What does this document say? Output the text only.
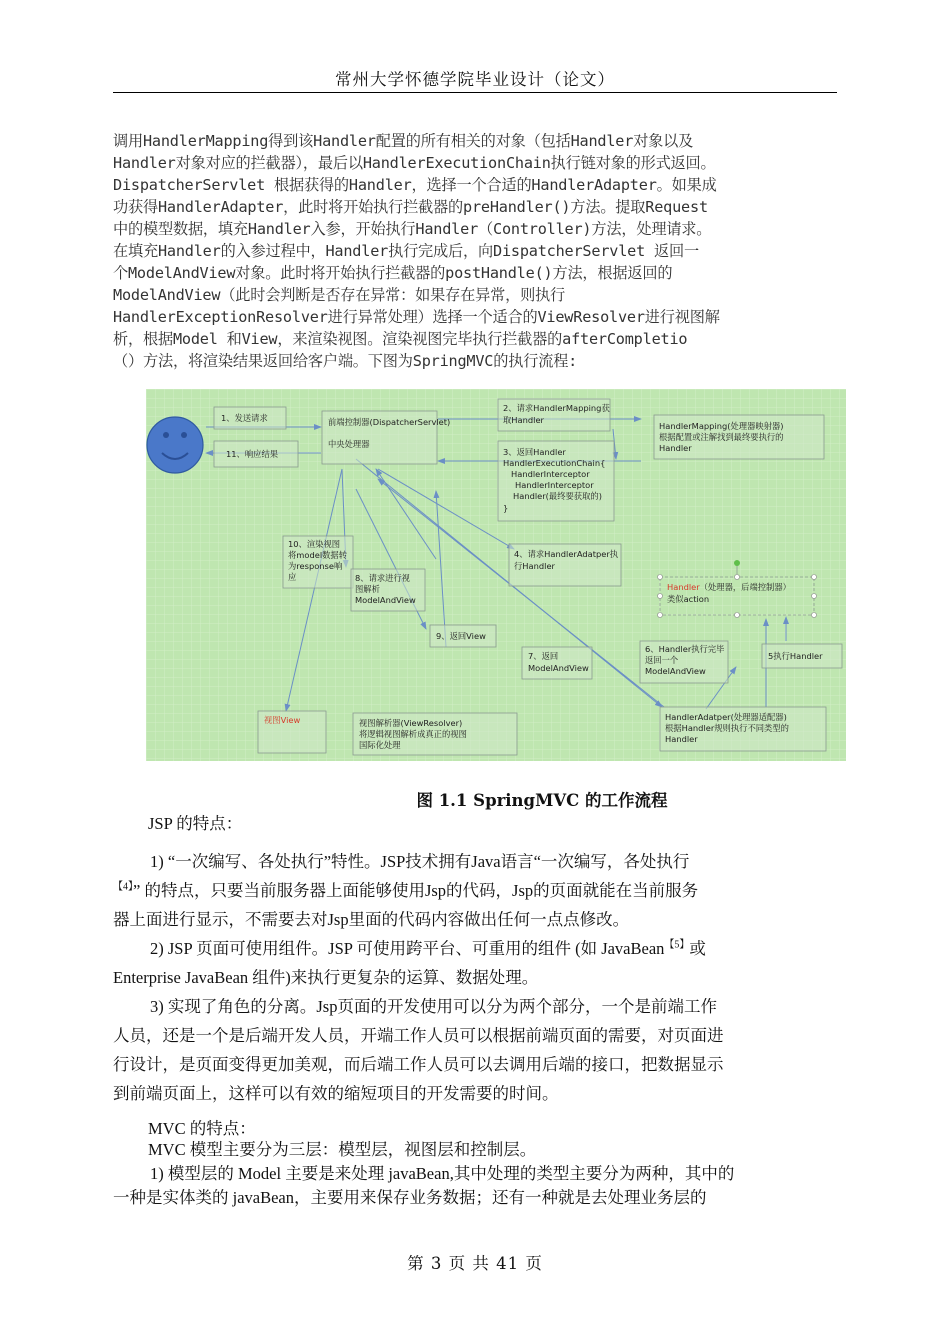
常州大学怀德学院毕业设计（论文）
调用HandlerMapping得到该Handler配置的所有相关的对象（包括Handler对象以及
Handler对象对应的拦截器），最后以HandlerExecutionChain执行链对象的形式返回。
DispatcherServlet 根据获得的Handler，选择一个合适的HandlerAdapter。如果成
功获得HandlerAdapter，此时将开始执行拦截器的preHandler()方法。提取Request
中的模型数据，填充Handler入参，开始执行Handler（Controller)方法，处理请求。
在填充Handler的入参过程中，Handler执行完成后，向DispatcherServlet 返回一
个ModelAndView对象。此时将开始执行拦截器的postHandle()方法，根据返回的
ModelAndView（此时会判断是否存在异常：如果存在异常，则执行
HandlerExceptionResolver进行异常处理）选择一个适合的ViewResolver进行视图解
析，根据Model 和View，来渲染视图。渲染视图完毕执行拦截器的afterCompletio
（）方法，将渲染结果返回给客户端。下图为SpringMVC的执行流程:
1、发送请求
11、响应结果
前端控制器(DispatcherServlet)
中央处理器
2、请求HandlerMapping获
取Handler
HandlerMapping(处理器映射器)
根据配置或注解找到最终要执行的
Handler
3、返回Handler
HandlerExecutionChain{
HandlerInterceptor
HandlerInterceptor
Handler(最终要获取的)
}
4、请求HandlerAdatper执
行Handler
10、渲染视图
将model数据转
为response响
应	8、请求进行视
图解析
ModelAndView
Handler（处理器，后端控制器）
类似action
9、返回View
7、返回
ModelAndView
6、Handler执行完毕
返回一个
ModelAndView
5执行Handler
视图View	视图解析器(ViewResolver)
将逻辑视图解析成真正的视图
国际化处理
HandlerAdatper(处理器适配器)
根据Handler规则执行不同类型的
Handler
图 1.1 SpringMVC 的工作流程
JSP 的特点：
1) “一次编写、各处执行”特性。JSP技术拥有Java语言“一次编写，各处执行
$^{【4】}$” 的特点，只要当前服务器上面能够使用Jsp的代码，Jsp的页面就能在当前服务
器上面进行显示，不需要去对Jsp里面的代码内容做出任何一点点修改。
2) JSP 页面可使用组件。JSP 可使用跨平台、可重用的组件 (如 JavaBean$^{【5】}$或
Enterprise JavaBean 组件)来执行更复杂的运算、数据处理。
3) 实现了角色的分离。Jsp页面的开发使用可以分为两个部分，一个是前端工作
人员，还是一个是后端开发人员，开端工作人员可以根据前端页面的需要，对页面进
行设计，是页面变得更加美观，而后端工作人员可以去调用后端的接口，把数据显示
到前端页面上，这样可以有效的缩短项目的开发需要的时间。
MVC 的特点：
MVC 模型主要分为三层：模型层，视图层和控制层。
1) 模型层的 Model 主要是来处理 javaBean,其中处理的类型主要分为两种，其中的
一种是实体类的 javaBean，主要用来保存业务数据；还有一种就是去处理业务层的
第 3 页 共 41 页
